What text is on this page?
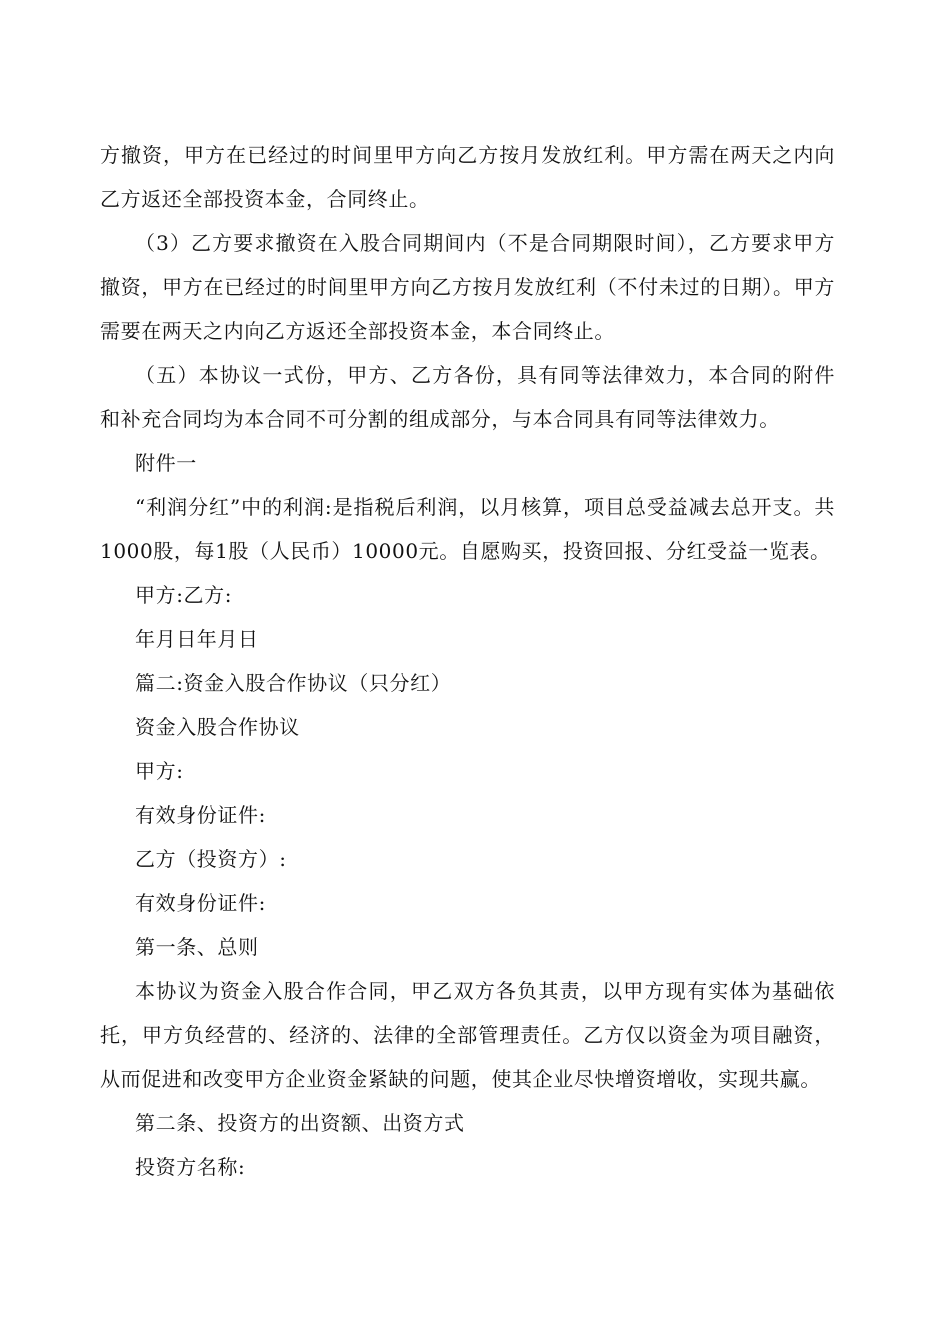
方撤资，甲方在已经过的时间里甲方向乙方按月发放红利。甲方需在两天之内向乙方返还全部投资本金，合同终止。

（3）乙方要求撤资在入股合同期间内（不是合同期限时间），乙方要求甲方撤资，甲方在已经过的时间里甲方向乙方按月发放红利（不付未过的日期）。甲方需要在两天之内向乙方返还全部投资本金，本合同终止。

（五）本协议一式份，甲方、乙方各份，具有同等法律效力，本合同的附件和补充合同均为本合同不可分割的组成部分，与本合同具有同等法律效力。

附件一

“利润分红”中的利润:是指税后利润，以月核算，项目总受益减去总开支。共1000股，每1股（人民币）10000元。自愿购买，投资回报、分红受益一览表。

甲方:乙方:

年月日年月日

篇二:资金入股合作协议（只分红）

资金入股合作协议

甲方:

有效身份证件:

乙方（投资方）:

有效身份证件:

第一条、总则

本协议为资金入股合作合同，甲乙双方各负其责，以甲方现有实体为基础依托，甲方负经营的、经济的、法律的全部管理责任。乙方仅以资金为项目融资，从而促进和改变甲方企业资金紧缺的问题，使其企业尽快增资增收，实现共赢。

第二条、投资方的出资额、出资方式

投资方名称:
